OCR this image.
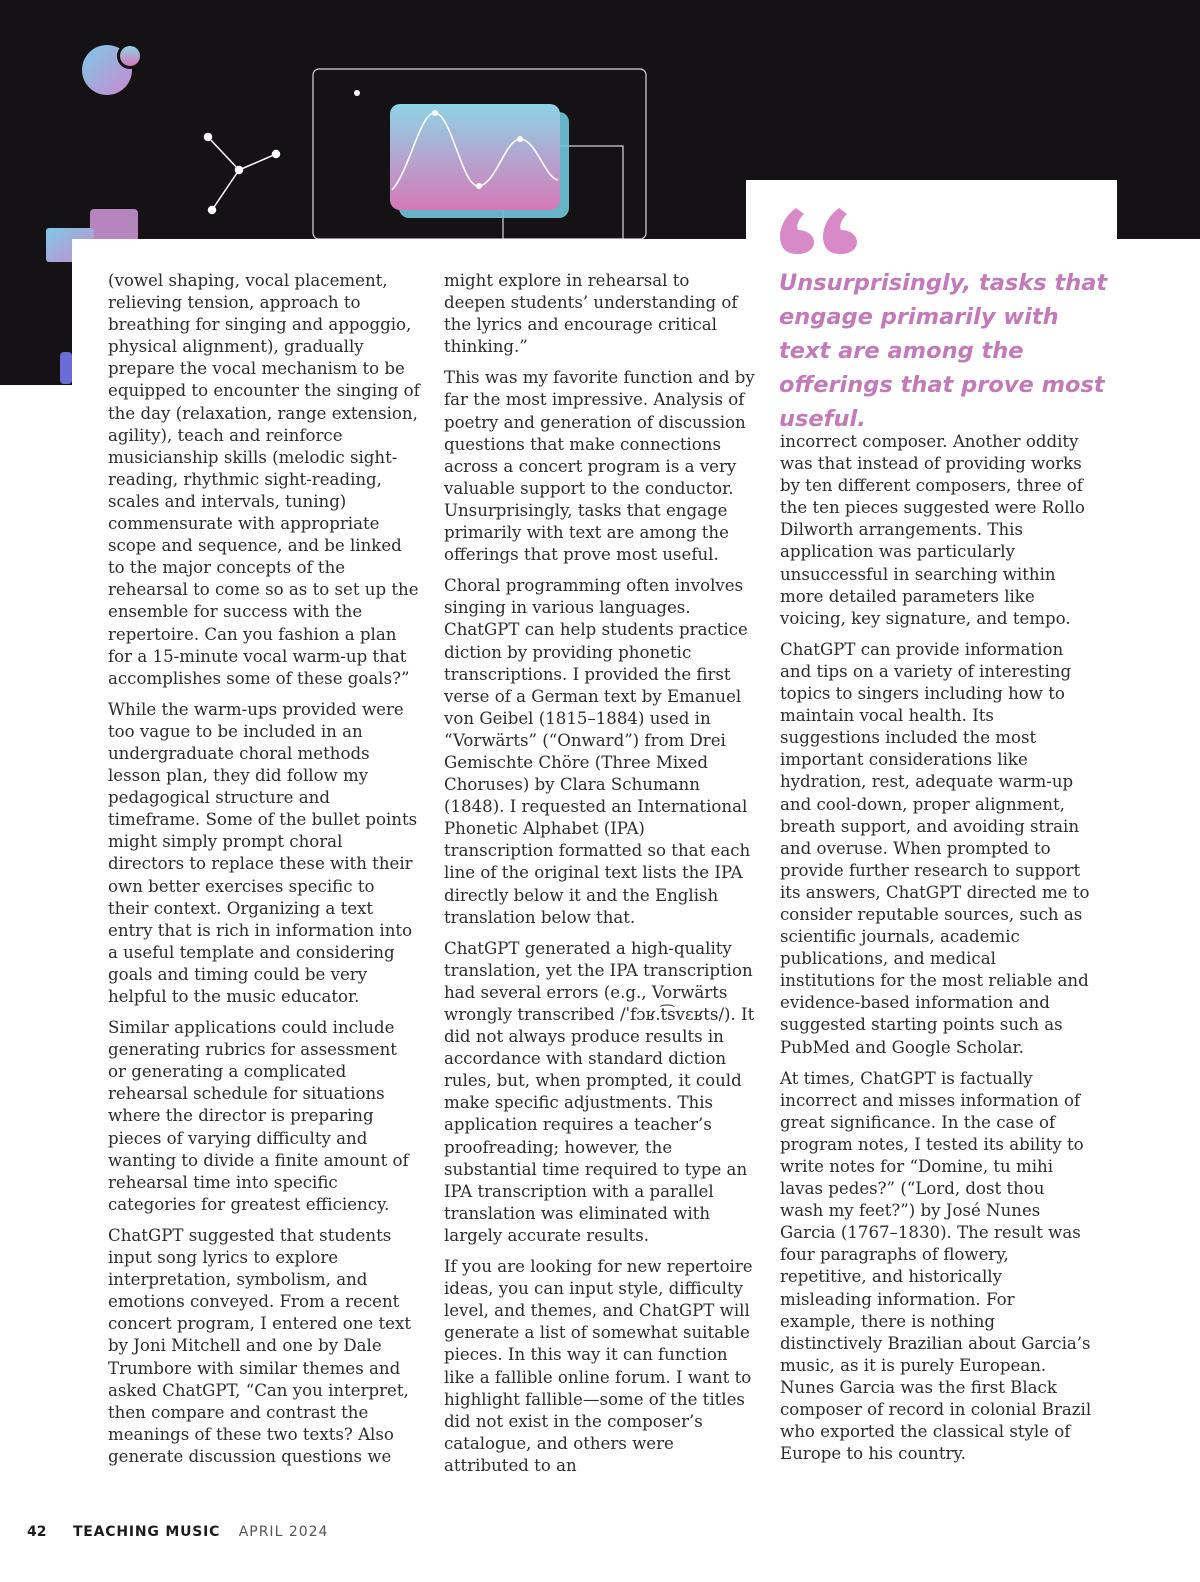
Unsurprisingly, tasks that engage primarily with text are among the offerings that prove most useful.

(vowel shaping, vocal placement, relieving tension, approach to breathing for singing and appoggio, physical alignment), gradually prepare the vocal mechanism to be equipped to encounter the singing of the day (relaxation, range extension, agility), teach and reinforce musicianship skills (melodic sight-reading, rhythmic sight-reading, scales and intervals, tuning) commensurate with appropriate scope and sequence, and be linked to the major concepts of the rehearsal to come so as to set up the ensemble for success with the repertoire. Can you fashion a plan for a 15-minute vocal warm-up that accomplishes some of these goals?”

While the warm-ups provided were too vague to be included in an undergraduate choral methods lesson plan, they did follow my pedagogical structure and timeframe. Some of the bullet points might simply prompt choral directors to replace these with their own better exercises specific to their context. Organizing a text entry that is rich in information into a useful template and considering goals and timing could be very helpful to the music educator.

Similar applications could include generating rubrics for assessment or generating a complicated rehearsal schedule for situations where the director is preparing pieces of varying difficulty and wanting to divide a finite amount of rehearsal time into specific categories for greatest efficiency.

ChatGPT suggested that students input song lyrics to explore interpretation, symbolism, and emotions conveyed. From a recent concert program, I entered one text by Joni Mitchell and one by Dale Trumbore with similar themes and asked ChatGPT, “Can you interpret, then compare and contrast the meanings of these two texts? Also generate discussion questions we

might explore in rehearsal to deepen students’ understanding of the lyrics and encourage critical thinking.”

This was my favorite function and by far the most impressive. Analysis of poetry and generation of discussion questions that make connections across a concert program is a very valuable support to the conductor. Unsurprisingly, tasks that engage primarily with text are among the offerings that prove most useful.

Choral programming often involves singing in various languages. ChatGPT can help students practice diction by providing phonetic transcriptions. I provided the first verse of a German text by Emanuel von Geibel (1815–1884) used in “Vorwärts” (“Onward”) from Drei Gemischte Chöre (Three Mixed Choruses) by Clara Schumann (1848). I requested an International Phonetic Alphabet (IPA) transcription formatted so that each line of the original text lists the IPA directly below it and the English translation below that.

ChatGPT generated a high-quality translation, yet the IPA transcription had several errors (e.g., Vorwärts wrongly transcribed /ˈfɔʁ.t͡svɛʁts/). It did not always produce results in accordance with standard diction rules, but, when prompted, it could make specific adjustments. This application requires a teacher’s proofreading; however, the substantial time required to type an IPA transcription with a parallel translation was eliminated with largely accurate results.

If you are looking for new repertoire ideas, you can input style, difficulty level, and themes, and ChatGPT will generate a list of somewhat suitable pieces. In this way it can function like a fallible online forum. I want to highlight fallible—some of the titles did not exist in the composer’s catalogue, and others were attributed to an

incorrect composer. Another oddity was that instead of providing works by ten different composers, three of the ten pieces suggested were Rollo Dilworth arrangements. This application was particularly unsuccessful in searching within more detailed parameters like voicing, key signature, and tempo.

ChatGPT can provide information and tips on a variety of interesting topics to singers including how to maintain vocal health. Its suggestions included the most important considerations like hydration, rest, adequate warm-up and cool-down, proper alignment, breath support, and avoiding strain and overuse. When prompted to provide further research to support its answers, ChatGPT directed me to consider reputable sources, such as scientific journals, academic publications, and medical institutions for the most reliable and evidence-based information and suggested starting points such as PubMed and Google Scholar.

At times, ChatGPT is factually incorrect and misses information of great significance. In the case of program notes, I tested its ability to write notes for “Domine, tu mihi lavas pedes?” (“Lord, dost thou wash my feet?”) by José Nunes Garcia (1767–1830). The result was four paragraphs of flowery, repetitive, and historically misleading information. For example, there is nothing distinctively Brazilian about Garcia’s music, as it is purely European. Nunes Garcia was the first Black composer of record in colonial Brazil who exported the classical style of Europe to his country.

42 TEACHING MUSIC APRIL 2024
